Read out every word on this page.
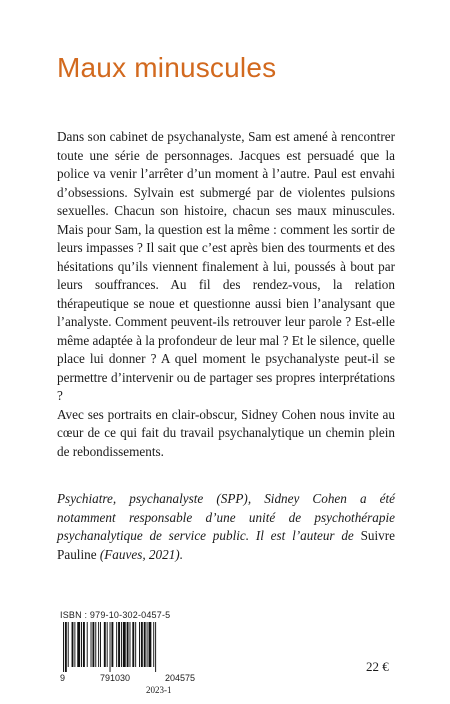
Maux minuscules

Dans son cabinet de psychanalyste, Sam est amené à rencontrer toute une série de personnages. Jacques est persuadé que la police va venir l’arrêter d’un moment à l’autre. Paul est envahi d’obsessions. Sylvain est submergé par de violentes pulsions sexuelles. Chacun son histoire, chacun ses maux minuscules. Mais pour Sam, la question est la même : comment les sortir de leurs impasses ? Il sait que c’est après bien des tourments et des hésitations qu’ils viennent finalement à lui, poussés à bout par leurs souffrances. Au fil des rendez-vous, la relation thérapeutique se noue et questionne aussi bien l’analysant que l’analyste. Comment peuvent-ils retrouver leur parole ? Est-elle même adaptée à la profondeur de leur mal ? Et le silence, quelle place lui donner ? A quel moment le psychanalyste peut-il se permettre d’intervenir ou de partager ses propres interprétations ?

Avec ses portraits en clair-obscur, Sidney Cohen nous invite au cœur de ce qui fait du travail psychanalytique un chemin plein de rebondissements.

Psychiatre, psychanalyste (SPP), Sidney Cohen a été notamment responsable d’une unité de psychothérapie psychanalytique de service public. Il est l’auteur de Suivre Pauline (Fauves, 2021).
ISBN : 979-10-302-0457-5
9	791030	204575
2023-1
22 €
